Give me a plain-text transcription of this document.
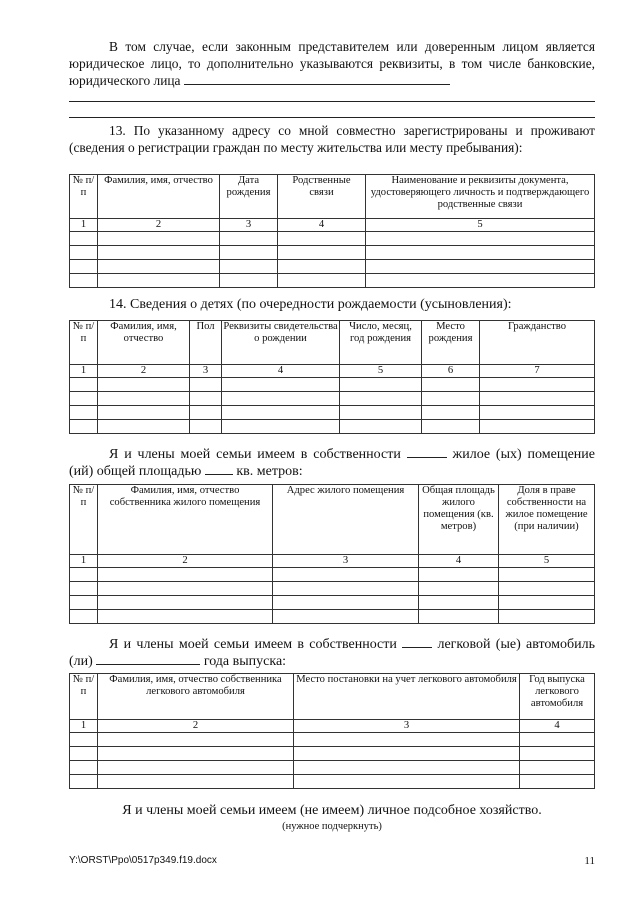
В том случае, если законным представителем или доверенным лицом является юридическое лицо, то дополнительно указываются реквизиты, в том числе банковские, юридического лица

13. По указанному адресу со мной совместно зарегистрированы и проживают (сведения о регистрации граждан по месту жительства или месту пребывания):

№ п/п	Фамилия, имя, отчество	Дата рождения	Родственные связи	Наименование и реквизиты документа, удостоверяющего личность и подтверждающего родственные связи
1	2	3	4	5

14. Сведения о детях (по очередности рождаемости (усыновления):

№ п/п	Фамилия, имя, отчество	Пол	Реквизиты свидетельства о рождении	Число, месяц, год рождения	Место рождения	Гражданство
1	2	3	4	5	6	7

Я и члены моей семьи имеем в собственности	жилое (ых) помещение (ий) общей площадью	кв. метров:

№ п/п	Фамилия, имя, отчество собственника жилого помещения	Адрес жилого помещения	Общая площадь жилого помещения (кв. метров)	Доля в праве собственности на жилое помещение (при наличии)
1	2	3	4	5

Я и члены моей семьи имеем в собственности	легковой (ые) автомобиль (ли)	года выпуска:

№ п/п	Фамилия, имя, отчество собственника легкового автомобиля	Место постановки на учет легкового автомобиля	Год выпуска легкового автомобиля
1	2	3	4

Я и члены моей семьи имеем (не имеем) личное подсобное хозяйство.
(нужное подчеркнуть)
Y:\ORST\Ppo\0517p349.f19.docx	11
